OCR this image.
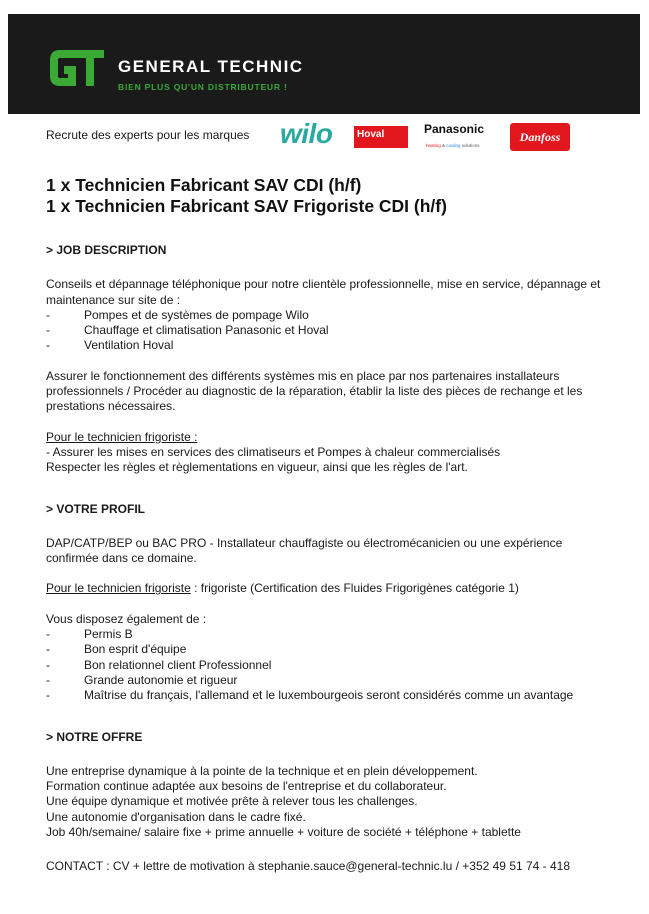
GENERAL TECHNIC
BIEN PLUS QU'UN DISTRIBUTEUR !
Recrute des experts pour les marques wilo	Hoval	Panasonic
heating & cooling solutions
Danfoss

1 x Technicien Fabricant SAV CDI (h/f)

1 x Technicien Fabricant SAV Frigoriste CDI (h/f)

> JOB DESCRIPTION

Conseils et dépannage téléphonique pour notre clientèle professionnelle, mise en service, dépannage et maintenance sur site de :

- Pompes et de systèmes de pompage Wilo
- Chauffage et climatisation Panasonic et Hoval
- Ventilation Hoval

Assurer le fonctionnement des différents systèmes mis en place par nos partenaires installateurs professionnels / Procéder au diagnostic de la réparation, établir la liste des pièces de rechange et les prestations nécessaires.

Pour le technicien frigoriste :

- Assurer les mises en services des climatiseurs et Pompes à chaleur commercialisés

Respecter les règles et règlementations en vigueur, ainsi que les règles de l'art.

> VOTRE PROFIL

DAP/CATP/BEP ou BAC PRO - Installateur chauffagiste ou électromécanicien ou une expérience confirmée dans ce domaine.

Pour le technicien frigoriste : frigoriste (Certification des Fluides Frigorigènes catégorie 1)

Vous disposez également de :

- Permis B
- Bon esprit d'équipe
- Bon relationnel client Professionnel
- Grande autonomie et rigueur
- Maîtrise du français, l'allemand et le luxembourgeois seront considérés comme un avantage

> NOTRE OFFRE

Une entreprise dynamique à la pointe de la technique et en plein développement.

Formation continue adaptée aux besoins de l'entreprise et du collaborateur.

Une équipe dynamique et motivée prête à relever tous les challenges.

Une autonomie d'organisation dans le cadre fixé.

Job 40h/semaine/ salaire fixe + prime annuelle + voiture de société + téléphone + tablette

CONTACT : CV + lettre de motivation à stephanie.sauce@general-technic.lu / +352 49 51 74 - 418
